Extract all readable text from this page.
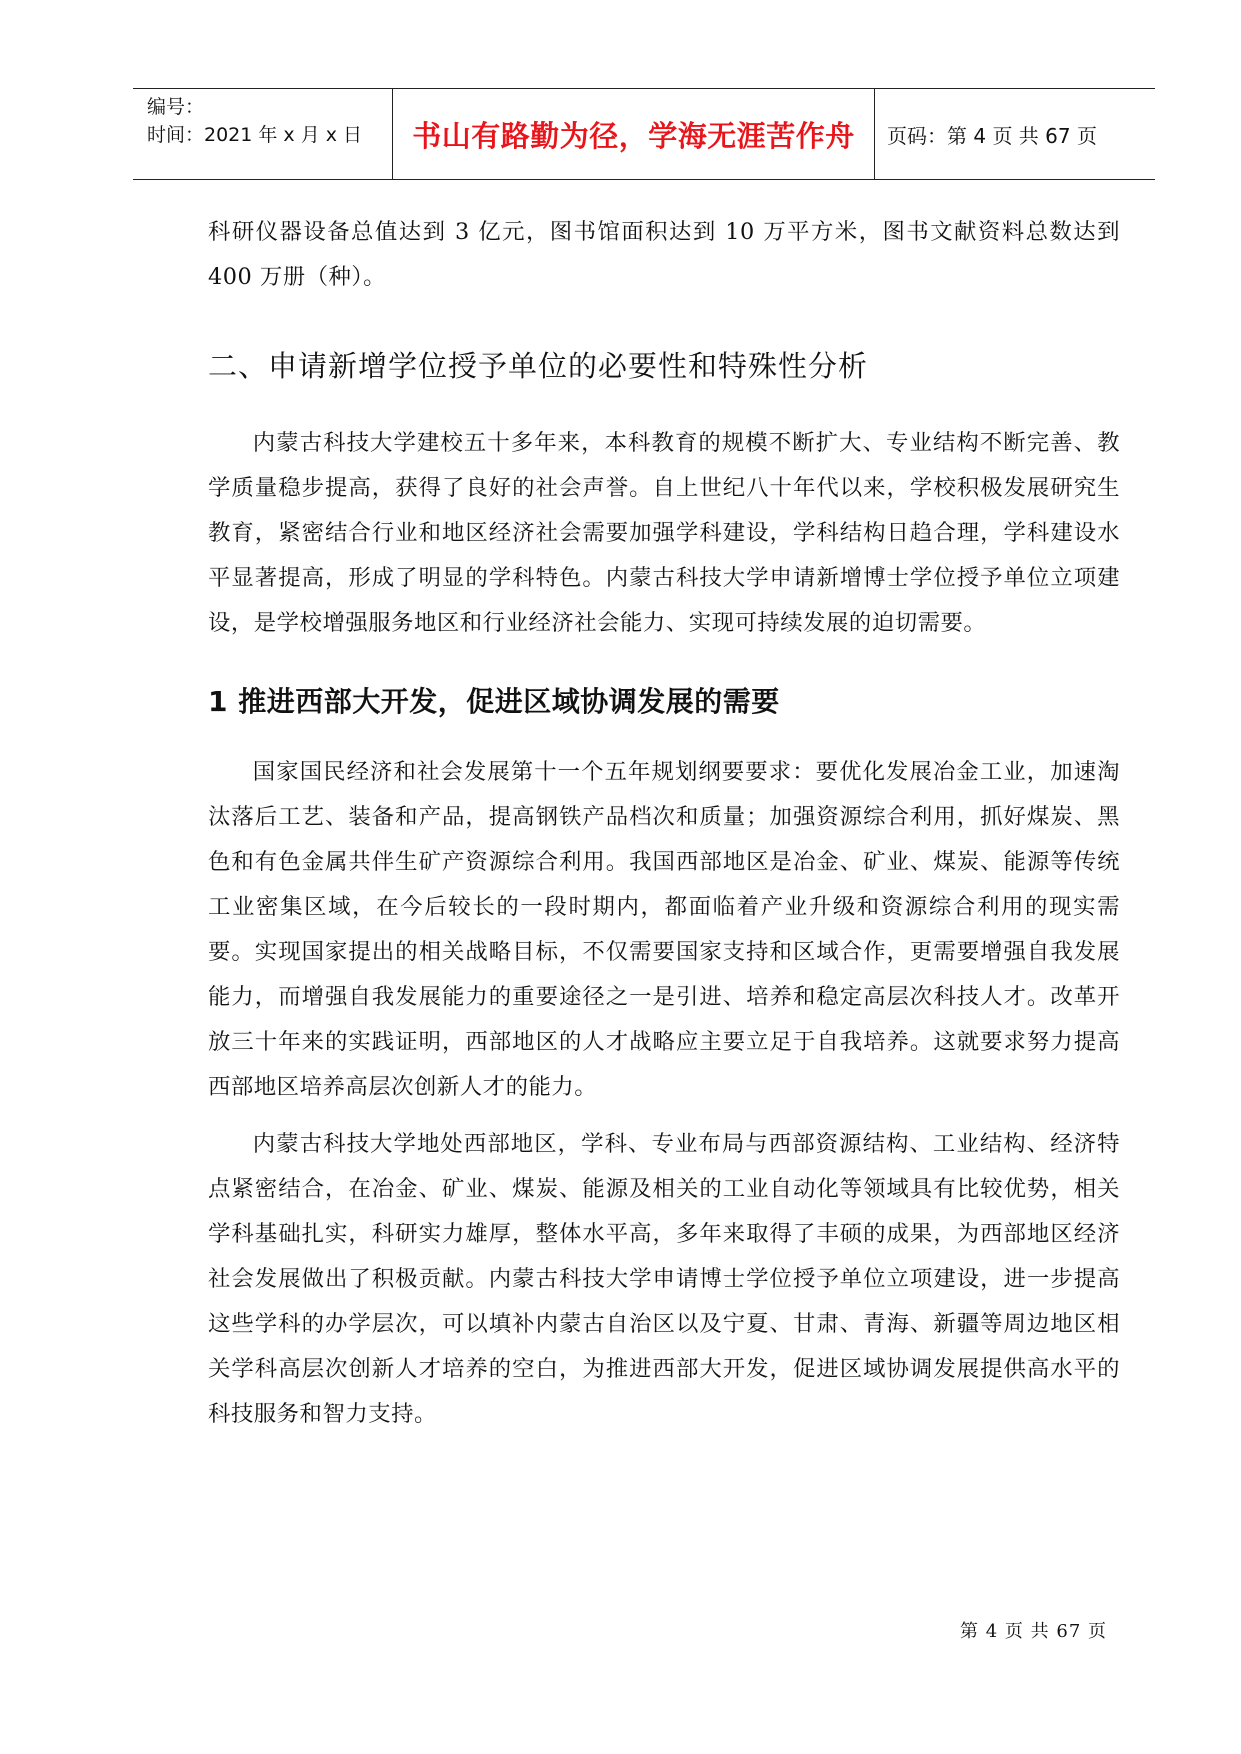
编号：
时间：2021 年 x 月 x 日	书山有路勤为径，学海无涯苦作舟	页码：第 4 页 共 67 页

科研仪器设备总值达到 3 亿元，图书馆面积达到 10 万平方米，图书文献资料总数达到 400 万册（种）。

二、申请新增学位授予单位的必要性和特殊性分析

内蒙古科技大学建校五十多年来，本科教育的规模不断扩大、专业结构不断完善、教学质量稳步提高，获得了良好的社会声誉。自上世纪八十年代以来，学校积极发展研究生教育，紧密结合行业和地区经济社会需要加强学科建设，学科结构日趋合理，学科建设水平显著提高，形成了明显的学科特色。内蒙古科技大学申请新增博士学位授予单位立项建设，是学校增强服务地区和行业经济社会能力、实现可持续发展的迫切需要。

1 推进西部大开发，促进区域协调发展的需要

国家国民经济和社会发展第十一个五年规划纲要要求：要优化发展冶金工业，加速淘汰落后工艺、装备和产品，提高钢铁产品档次和质量；加强资源综合利用，抓好煤炭、黑色和有色金属共伴生矿产资源综合利用。我国西部地区是冶金、矿业、煤炭、能源等传统工业密集区域，在今后较长的一段时期内，都面临着产业升级和资源综合利用的现实需要。实现国家提出的相关战略目标，不仅需要国家支持和区域合作，更需要增强自我发展能力，而增强自我发展能力的重要途径之一是引进、培养和稳定高层次科技人才。改革开放三十年来的实践证明，西部地区的人才战略应主要立足于自我培养。这就要求努力提高西部地区培养高层次创新人才的能力。

内蒙古科技大学地处西部地区，学科、专业布局与西部资源结构、工业结构、经济特点紧密结合，在冶金、矿业、煤炭、能源及相关的工业自动化等领域具有比较优势，相关学科基础扎实，科研实力雄厚，整体水平高，多年来取得了丰硕的成果，为西部地区经济社会发展做出了积极贡献。内蒙古科技大学申请博士学位授予单位立项建设，进一步提高这些学科的办学层次，可以填补内蒙古自治区以及宁夏、甘肃、青海、新疆等周边地区相关学科高层次创新人才培养的空白，为推进西部大开发，促进区域协调发展提供高水平的科技服务和智力支持。

第 4 页 共 67 页
